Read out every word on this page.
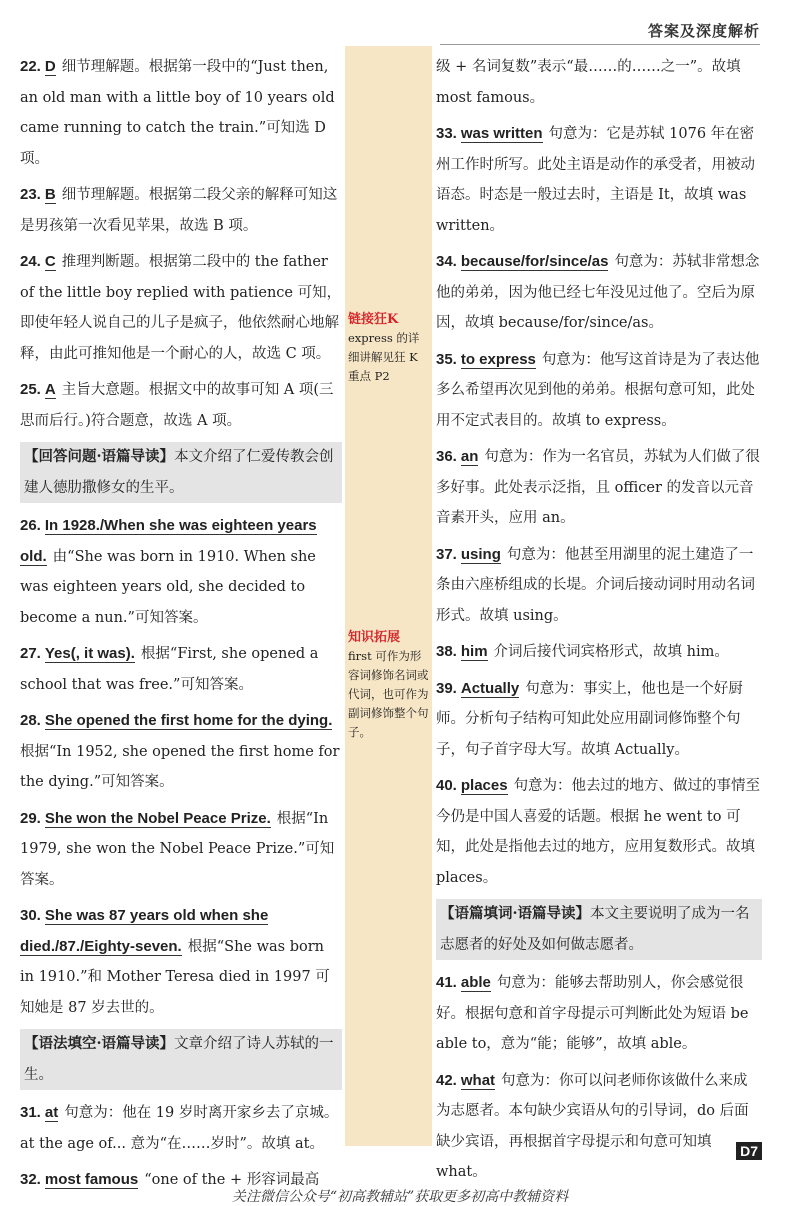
答案及深度解析
链接狂K
express 的详细讲解见狂 K 重点 P2
知识拓展
first 可作为形容词修饰名词或代词，也可作为副词修饰整个句子。
22. D 细节理解题。根据第一段中的“Just then, an old man with a little boy of 10 years old came running to catch the train.”可知选 D 项。
23. B 细节理解题。根据第二段父亲的解释可知这是男孩第一次看见苹果，故选 B 项。
24. C 推理判断题。根据第二段中的 the father of the little boy replied with patience 可知，即使年轻人说自己的儿子是疯子，他依然耐心地解释，由此可推知他是一个耐心的人，故选 C 项。
25. A 主旨大意题。根据文中的故事可知 A 项(三思而后行。)符合题意，故选 A 项。
【回答问题·语篇导读】本文介绍了仁爱传教会创建人德肋撒修女的生平。
26. In 1928./When she was eighteen years old. 由“She was born in 1910. When she was eighteen years old, she decided to become a nun.”可知答案。
27. Yes(, it was). 根据“First, she opened a school that was free.”可知答案。
28. She opened the first home for the dying.根据“In 1952, she opened the first home for the dying.”可知答案。
29. She won the Nobel Peace Prize. 根据“In 1979, she won the Nobel Peace Prize.”可知答案。
30. She was 87 years old when she died./87./Eighty-seven. 根据“She was born in 1910.”和 Mother Teresa died in 1997 可知她是 87 岁去世的。
【语法填空·语篇导读】文章介绍了诗人苏轼的一生。
31. at 句意为：他在 19 岁时离开家乡去了京城。at the age of... 意为“在……岁时”。故填 at。
32. most famous “one of the + 形容词最高
级 + 名词复数”表示“最……的……之一”。故填 most famous。
33. was written 句意为：它是苏轼 1076 年在密州工作时所写。此处主语是动作的承受者，用被动语态。时态是一般过去时，主语是 It，故填 was written。
34. because/for/since/as 句意为：苏轼非常想念他的弟弟，因为他已经七年没见过他了。空后为原因，故填 because/for/since/as。
35. to express 句意为：他写这首诗是为了表达他多么希望再次见到他的弟弟。根据句意可知，此处用不定式表目的。故填 to express。
36. an 句意为：作为一名官员，苏轼为人们做了很多好事。此处表示泛指，且 officer 的发音以元音音素开头，应用 an。
37. using 句意为：他甚至用湖里的泥土建造了一条由六座桥组成的长堤。介词后接动词时用动名词形式。故填 using。
38. him 介词后接代词宾格形式，故填 him。
39. Actually 句意为：事实上，他也是一个好厨师。分析句子结构可知此处应用副词修饰整个句子，句子首字母大写。故填 Actually。
40. places 句意为：他去过的地方、做过的事情至今仍是中国人喜爱的话题。根据 he went to 可知，此处是指他去过的地方，应用复数形式。故填 places。
【语篇填词·语篇导读】本文主要说明了成为一名志愿者的好处及如何做志愿者。
41. able 句意为：能够去帮助别人，你会感觉很好。根据句意和首字母提示可判断此处为短语 be able to，意为“能；能够”，故填 able。
42. what 句意为：你可以问老师你该做什么来成为志愿者。本句缺少宾语从句的引导词，do 后面缺少宾语，再根据首字母提示和句意可知填 what。
D7
关注微信公众号“初高教辅站”获取更多初高中教辅资料
